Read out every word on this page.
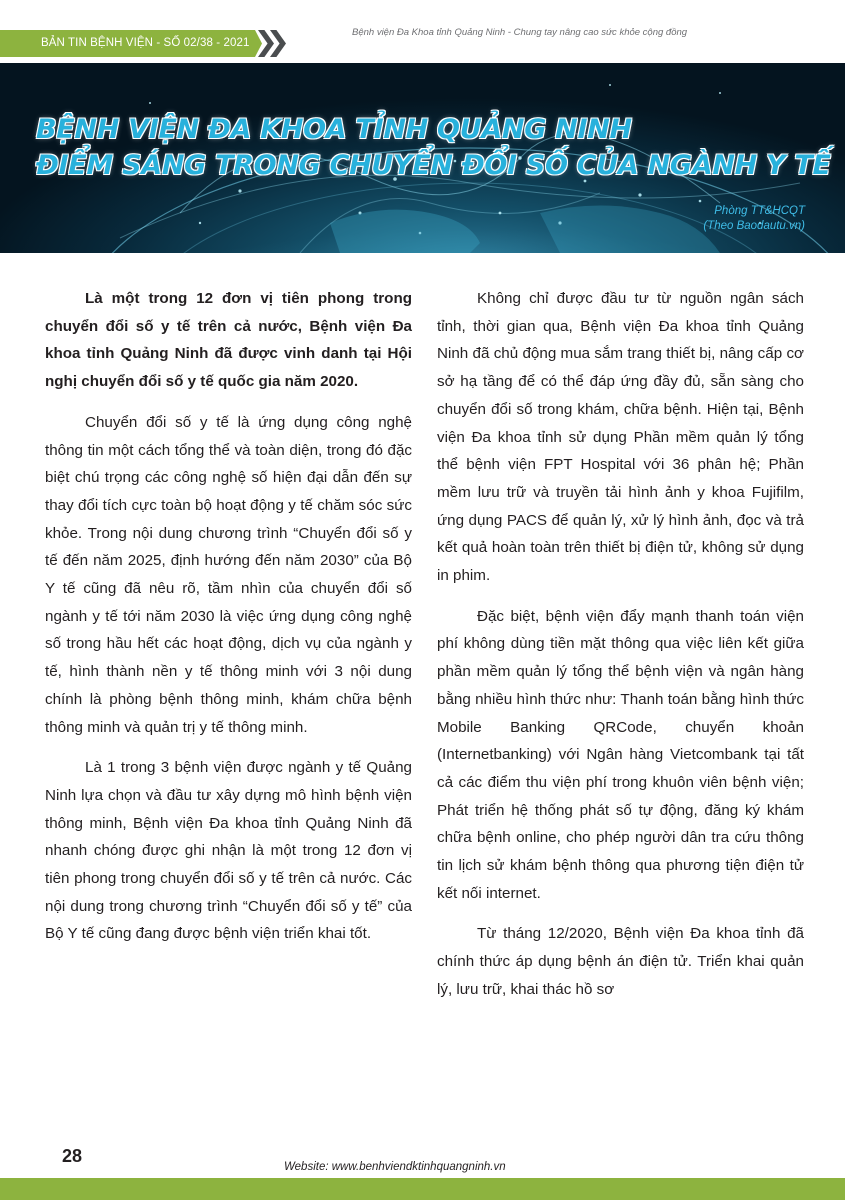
BẢN TIN BỆNH VIỆN - SỐ 02/38 - 2021
Bệnh viện Đa Khoa tỉnh Quảng Ninh - Chung tay nâng cao sức khỏe cộng đồng
BỆNH VIỆN ĐA KHOA TỈNH QUẢNG NINH
ĐIỂM SÁNG TRONG CHUYỂN ĐỔI SỐ CỦA NGÀNH Y TẾ
Phòng TT&HCQT
(Theo Baodautu.vn)

Là một trong 12 đơn vị tiên phong trong chuyển đổi số y tế trên cả nước, Bệnh viện Đa khoa tỉnh Quảng Ninh đã được vinh danh tại Hội nghị chuyển đổi số y tế quốc gia năm 2020.

Chuyển đổi số y tế là ứng dụng công nghệ thông tin một cách tổng thể và toàn diện, trong đó đặc biệt chú trọng các công nghệ số hiện đại dẫn đến sự thay đổi tích cực toàn bộ hoạt động y tế chăm sóc sức khỏe. Trong nội dung chương trình “Chuyển đổi số y tế đến năm 2025, định hướng đến năm 2030” của Bộ Y tế cũng đã nêu rõ, tầm nhìn của chuyển đổi số ngành y tế tới năm 2030 là việc ứng dụng công nghệ số trong hầu hết các hoạt động, dịch vụ của ngành y tế, hình thành nền y tế thông minh với 3 nội dung chính là phòng bệnh thông minh, khám chữa bệnh thông minh và quản trị y tế thông minh.

Là 1 trong 3 bệnh viện được ngành y tế Quảng Ninh lựa chọn và đầu tư xây dựng mô hình bệnh viện thông minh, Bệnh viện Đa khoa tỉnh Quảng Ninh đã nhanh chóng được ghi nhận là một trong 12 đơn vị tiên phong trong chuyển đổi số y tế trên cả nước. Các nội dung trong chương trình “Chuyển đổi số y tế” của Bộ Y tế cũng đang được bệnh viện triển khai tốt.

Không chỉ được đầu tư từ nguồn ngân sách tỉnh, thời gian qua, Bệnh viện Đa khoa tỉnh Quảng Ninh đã chủ động mua sắm trang thiết bị, nâng cấp cơ sở hạ tầng để có thể đáp ứng đầy đủ, sẵn sàng cho chuyển đổi số trong khám, chữa bệnh. Hiện tại, Bệnh viện Đa khoa tỉnh sử dụng Phần mềm quản lý tổng thể bệnh viện FPT Hospital với 36 phân hệ; Phần mềm lưu trữ và truyền tải hình ảnh y khoa Fujifilm, ứng dụng PACS để quản lý, xử lý hình ảnh, đọc và trả kết quả hoàn toàn trên thiết bị điện tử, không sử dụng in phim.

Đặc biệt, bệnh viện đẩy mạnh thanh toán viện phí không dùng tiền mặt thông qua việc liên kết giữa phần mềm quản lý tổng thể bệnh viện và ngân hàng bằng nhiều hình thức như: Thanh toán bằng hình thức Mobile Banking QRCode, chuyển khoản (Internetbanking) với Ngân hàng Vietcombank tại tất cả các điểm thu viện phí trong khuôn viên bệnh viện; Phát triển hệ thống phát số tự động, đăng ký khám chữa bệnh online, cho phép người dân tra cứu thông tin lịch sử khám bệnh thông qua phương tiện điện tử kết nối internet.

Từ tháng 12/2020, Bệnh viện Đa khoa tỉnh đã chính thức áp dụng bệnh án điện tử. Triển khai quản lý, lưu trữ, khai thác hồ sơ

28
Website: www.benhviendktinhquangninh.vn
